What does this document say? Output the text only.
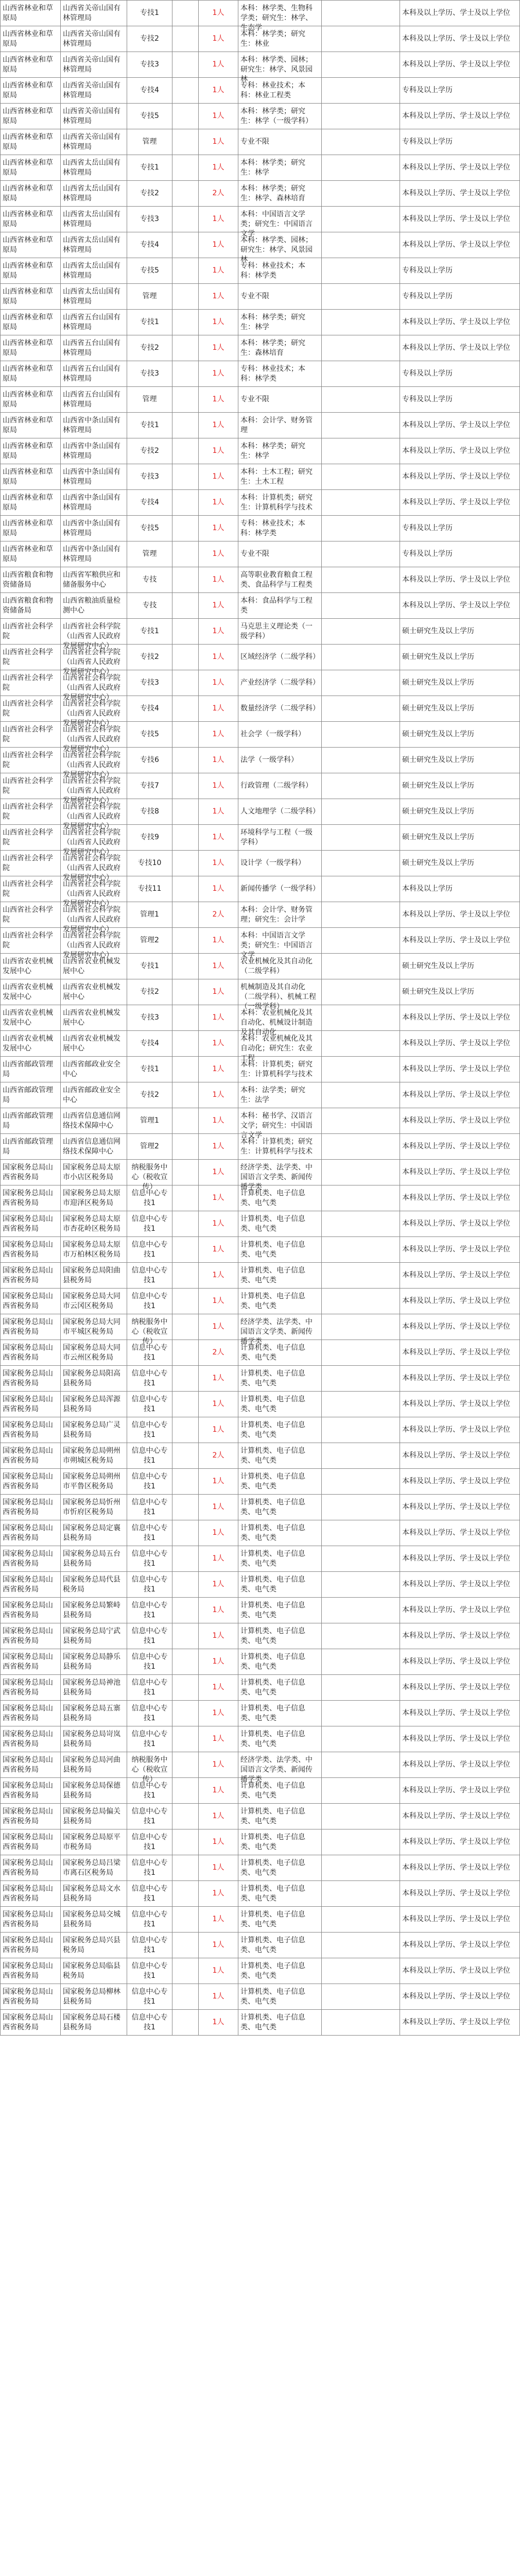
山西省林业和草原局	山西省关帝山国有林管理局	专技1		1人	本科：林学类、生物科学类；研究生：林学、生态学		本科及以上学历、学士及以上学位

山西省林业和草原局	山西省关帝山国有林管理局	专技2		1人	本科：林学类；研究生：林业		本科及以上学历、学士及以上学位

山西省林业和草原局	山西省关帝山国有林管理局	专技3		1人	本科：林学类、园林；研究生：林学、风景园林		本科及以上学历、学士及以上学位

山西省林业和草原局	山西省关帝山国有林管理局	专技4		1人	专科：林业技术；本科：林业工程类		专科及以上学历

山西省林业和草原局	山西省关帝山国有林管理局	专技5		1人	本科：林学类；研究生：林学（一级学科）		本科及以上学历、学士及以上学位

山西省林业和草原局	山西省关帝山国有林管理局	管理		1人	专业不限		专科及以上学历

山西省林业和草原局	山西省太岳山国有林管理局	专技1		1人	本科：林学类；研究生：林学		本科及以上学历、学士及以上学位

山西省林业和草原局	山西省太岳山国有林管理局	专技2		2人	本科：林学类；研究生：林学、森林培育		本科及以上学历、学士及以上学位

山西省林业和草原局	山西省太岳山国有林管理局	专技3		1人	本科：中国语言文学类；研究生：中国语言文学		本科及以上学历、学士及以上学位

山西省林业和草原局	山西省太岳山国有林管理局	专技4		1人	本科：林学类、园林；研究生：林学、风景园林		本科及以上学历、学士及以上学位

山西省林业和草原局	山西省太岳山国有林管理局	专技5		1人	专科：林业技术；本科：林学类		专科及以上学历

山西省林业和草原局	山西省太岳山国有林管理局	管理		1人	专业不限		专科及以上学历

山西省林业和草原局	山西省五台山国有林管理局	专技1		1人	本科：林学类；研究生：林学		本科及以上学历、学士及以上学位

山西省林业和草原局	山西省五台山国有林管理局	专技2		1人	本科：林学类；研究生：森林培育		本科及以上学历、学士及以上学位

山西省林业和草原局	山西省五台山国有林管理局	专技3		1人	专科：林业技术；本科：林学类		专科及以上学历

山西省林业和草原局	山西省五台山国有林管理局	管理		1人	专业不限		专科及以上学历

山西省林业和草原局	山西省中条山国有林管理局	专技1		1人	本科：会计学、财务管理		本科及以上学历、学士及以上学位

山西省林业和草原局	山西省中条山国有林管理局	专技2		1人	本科：林学类；研究生：林学		本科及以上学历、学士及以上学位

山西省林业和草原局	山西省中条山国有林管理局	专技3		1人	本科：土木工程；研究生：土木工程		本科及以上学历、学士及以上学位

山西省林业和草原局	山西省中条山国有林管理局	专技4		1人	本科：计算机类；研究生：计算机科学与技术		本科及以上学历、学士及以上学位

山西省林业和草原局	山西省中条山国有林管理局	专技5		1人	专科：林业技术；本科：林学类		专科及以上学历

山西省林业和草原局	山西省中条山国有林管理局	管理		1人	专业不限		专科及以上学历

山西省粮食和物资储备局	山西省军粮供应和储备服务中心	专技		1人	高等职业教育粮食工程类、食品科学与工程类		本科及以上学历、学士及以上学位

山西省粮食和物资储备局	山西省粮油质量检测中心	专技		1人	本科：食品科学与工程类		本科及以上学历、学士及以上学位

山西省社会科学院	山西省社会科学院（山西省人民政府发展研究中心）	专技1		1人	马克思主义理论类（一级学科）		硕士研究生及以上学历

山西省社会科学院	山西省社会科学院（山西省人民政府发展研究中心）	专技2		1人	区域经济学（二级学科）		硕士研究生及以上学历

山西省社会科学院	山西省社会科学院（山西省人民政府发展研究中心）	专技3		1人	产业经济学（二级学科）		硕士研究生及以上学历

山西省社会科学院	山西省社会科学院（山西省人民政府发展研究中心）	专技4		1人	数量经济学（二级学科）		硕士研究生及以上学历

山西省社会科学院	山西省社会科学院（山西省人民政府发展研究中心）	专技5		1人	社会学（一级学科）		硕士研究生及以上学历

山西省社会科学院	山西省社会科学院（山西省人民政府发展研究中心）	专技6		1人	法学（一级学科）		硕士研究生及以上学历

山西省社会科学院	山西省社会科学院（山西省人民政府发展研究中心）	专技7		1人	行政管理（二级学科）		硕士研究生及以上学历

山西省社会科学院	山西省社会科学院（山西省人民政府发展研究中心）	专技8		1人	人文地理学（二级学科）		硕士研究生及以上学历

山西省社会科学院	山西省社会科学院（山西省人民政府发展研究中心）	专技9		1人	环境科学与工程（一级学科）		硕士研究生及以上学历

山西省社会科学院	山西省社会科学院（山西省人民政府发展研究中心）	专技10		1人	设计学（一级学科）		硕士研究生及以上学历

山西省社会科学院	山西省社会科学院（山西省人民政府发展研究中心）	专技11		1人	新闻传播学（一级学科）		本科及以上学历

山西省社会科学院	山西省社会科学院（山西省人民政府发展研究中心）	管理1		2人	本科：会计学、财务管理；研究生：会计学		本科及以上学历、学士及以上学位

山西省社会科学院	山西省社会科学院（山西省人民政府发展研究中心）	管理2		1人	本科：中国语言文学类；研究生：中国语言文学		本科及以上学历、学士及以上学位

山西省农业机械发展中心	山西省农业机械发展中心	专技1		1人	农业机械化及其自动化（二级学科）		硕士研究生及以上学历

山西省农业机械发展中心	山西省农业机械发展中心	专技2		1人	机械制造及其自动化（二级学科）、机械工程（一级学科）		硕士研究生及以上学历

山西省农业机械发展中心	山西省农业机械发展中心	专技3		1人	本科：农业机械化及其自动化、机械设计制造及其自动化		本科及以上学历、学士及以上学位

山西省农业机械发展中心	山西省农业机械发展中心	专技4		1人	本科：农业机械化及其自动化；研究生：农业工程		本科及以上学历、学士及以上学位

山西省邮政管理局	山西省邮政业安全中心	专技1		1人	本科：计算机类；研究生：计算机科学与技术		本科及以上学历、学士及以上学位

山西省邮政管理局	山西省邮政业安全中心	专技2		1人	本科：法学类；研究生：法学		本科及以上学历、学士及以上学位

山西省邮政管理局	山西省信息通信网络技术保障中心	管理1		1人	本科：秘书学、汉语言文学；研究生：中国语言文学		本科及以上学历、学士及以上学位

山西省邮政管理局	山西省信息通信网络技术保障中心	管理2		1人	本科：计算机类；研究生：计算机科学与技术		本科及以上学历、学士及以上学位

国家税务总局山西省税务局	国家税务总局太原市小店区税务局	纳税服务中心（税收宣传）		1人	经济学类、法学类、中国语言文学类、新闻传播学类		本科及以上学历、学士及以上学位

国家税务总局山西省税务局	国家税务总局太原市迎泽区税务局	信息中心专技1		1人	计算机类、电子信息类、电气类		本科及以上学历、学士及以上学位

国家税务总局山西省税务局	国家税务总局太原市杏花岭区税务局	信息中心专技1		1人	计算机类、电子信息类、电气类		本科及以上学历、学士及以上学位

国家税务总局山西省税务局	国家税务总局太原市万柏林区税务局	信息中心专技1		1人	计算机类、电子信息类、电气类		本科及以上学历、学士及以上学位

国家税务总局山西省税务局	国家税务总局阳曲县税务局	信息中心专技1		1人	计算机类、电子信息类、电气类		本科及以上学历、学士及以上学位

国家税务总局山西省税务局	国家税务总局大同市云冈区税务局	信息中心专技1		1人	计算机类、电子信息类、电气类		本科及以上学历、学士及以上学位

国家税务总局山西省税务局	国家税务总局大同市平城区税务局	纳税服务中心（税收宣传）		1人	经济学类、法学类、中国语言文学类、新闻传播学类		本科及以上学历、学士及以上学位

国家税务总局山西省税务局	国家税务总局大同市云州区税务局	信息中心专技1		2人	计算机类、电子信息类、电气类		本科及以上学历、学士及以上学位

国家税务总局山西省税务局	国家税务总局阳高县税务局	信息中心专技1		1人	计算机类、电子信息类、电气类		本科及以上学历、学士及以上学位

国家税务总局山西省税务局	国家税务总局浑源县税务局	信息中心专技1		1人	计算机类、电子信息类、电气类		本科及以上学历、学士及以上学位

国家税务总局山西省税务局	国家税务总局广灵县税务局	信息中心专技1		1人	计算机类、电子信息类、电气类		本科及以上学历、学士及以上学位

国家税务总局山西省税务局	国家税务总局朔州市朔城区税务局	信息中心专技1		2人	计算机类、电子信息类、电气类		本科及以上学历、学士及以上学位

国家税务总局山西省税务局	国家税务总局朔州市平鲁区税务局	信息中心专技1		1人	计算机类、电子信息类、电气类		本科及以上学历、学士及以上学位

国家税务总局山西省税务局	国家税务总局忻州市忻府区税务局	信息中心专技1		1人	计算机类、电子信息类、电气类		本科及以上学历、学士及以上学位

国家税务总局山西省税务局	国家税务总局定襄县税务局	信息中心专技1		1人	计算机类、电子信息类、电气类		本科及以上学历、学士及以上学位

国家税务总局山西省税务局	国家税务总局五台县税务局	信息中心专技1		1人	计算机类、电子信息类、电气类		本科及以上学历、学士及以上学位

国家税务总局山西省税务局	国家税务总局代县税务局	信息中心专技1		1人	计算机类、电子信息类、电气类		本科及以上学历、学士及以上学位

国家税务总局山西省税务局	国家税务总局繁峙县税务局	信息中心专技1		1人	计算机类、电子信息类、电气类		本科及以上学历、学士及以上学位

国家税务总局山西省税务局	国家税务总局宁武县税务局	信息中心专技1		1人	计算机类、电子信息类、电气类		本科及以上学历、学士及以上学位

国家税务总局山西省税务局	国家税务总局静乐县税务局	信息中心专技1		1人	计算机类、电子信息类、电气类		本科及以上学历、学士及以上学位

国家税务总局山西省税务局	国家税务总局神池县税务局	信息中心专技1		1人	计算机类、电子信息类、电气类		本科及以上学历、学士及以上学位

国家税务总局山西省税务局	国家税务总局五寨县税务局	信息中心专技1		1人	计算机类、电子信息类、电气类		本科及以上学历、学士及以上学位

国家税务总局山西省税务局	国家税务总局岢岚县税务局	信息中心专技1		1人	计算机类、电子信息类、电气类		本科及以上学历、学士及以上学位

国家税务总局山西省税务局	国家税务总局河曲县税务局	纳税服务中心（税收宣传）		1人	经济学类、法学类、中国语言文学类、新闻传播学类		本科及以上学历、学士及以上学位

国家税务总局山西省税务局	国家税务总局保德县税务局	信息中心专技1		1人	计算机类、电子信息类、电气类		本科及以上学历、学士及以上学位

国家税务总局山西省税务局	国家税务总局偏关县税务局	信息中心专技1		1人	计算机类、电子信息类、电气类		本科及以上学历、学士及以上学位

国家税务总局山西省税务局	国家税务总局原平市税务局	信息中心专技1		1人	计算机类、电子信息类、电气类		本科及以上学历、学士及以上学位

国家税务总局山西省税务局	国家税务总局吕梁市离石区税务局	信息中心专技1		1人	计算机类、电子信息类、电气类		本科及以上学历、学士及以上学位

国家税务总局山西省税务局	国家税务总局文水县税务局	信息中心专技1		1人	计算机类、电子信息类、电气类		本科及以上学历、学士及以上学位

国家税务总局山西省税务局	国家税务总局交城县税务局	信息中心专技1		1人	计算机类、电子信息类、电气类		本科及以上学历、学士及以上学位

国家税务总局山西省税务局	国家税务总局兴县税务局	信息中心专技1		1人	计算机类、电子信息类、电气类		本科及以上学历、学士及以上学位

国家税务总局山西省税务局	国家税务总局临县税务局	信息中心专技1		1人	计算机类、电子信息类、电气类		本科及以上学历、学士及以上学位

国家税务总局山西省税务局	国家税务总局柳林县税务局	信息中心专技1		1人	计算机类、电子信息类、电气类		本科及以上学历、学士及以上学位

国家税务总局山西省税务局	国家税务总局石楼县税务局	信息中心专技1		1人	计算机类、电子信息类、电气类		本科及以上学历、学士及以上学位
